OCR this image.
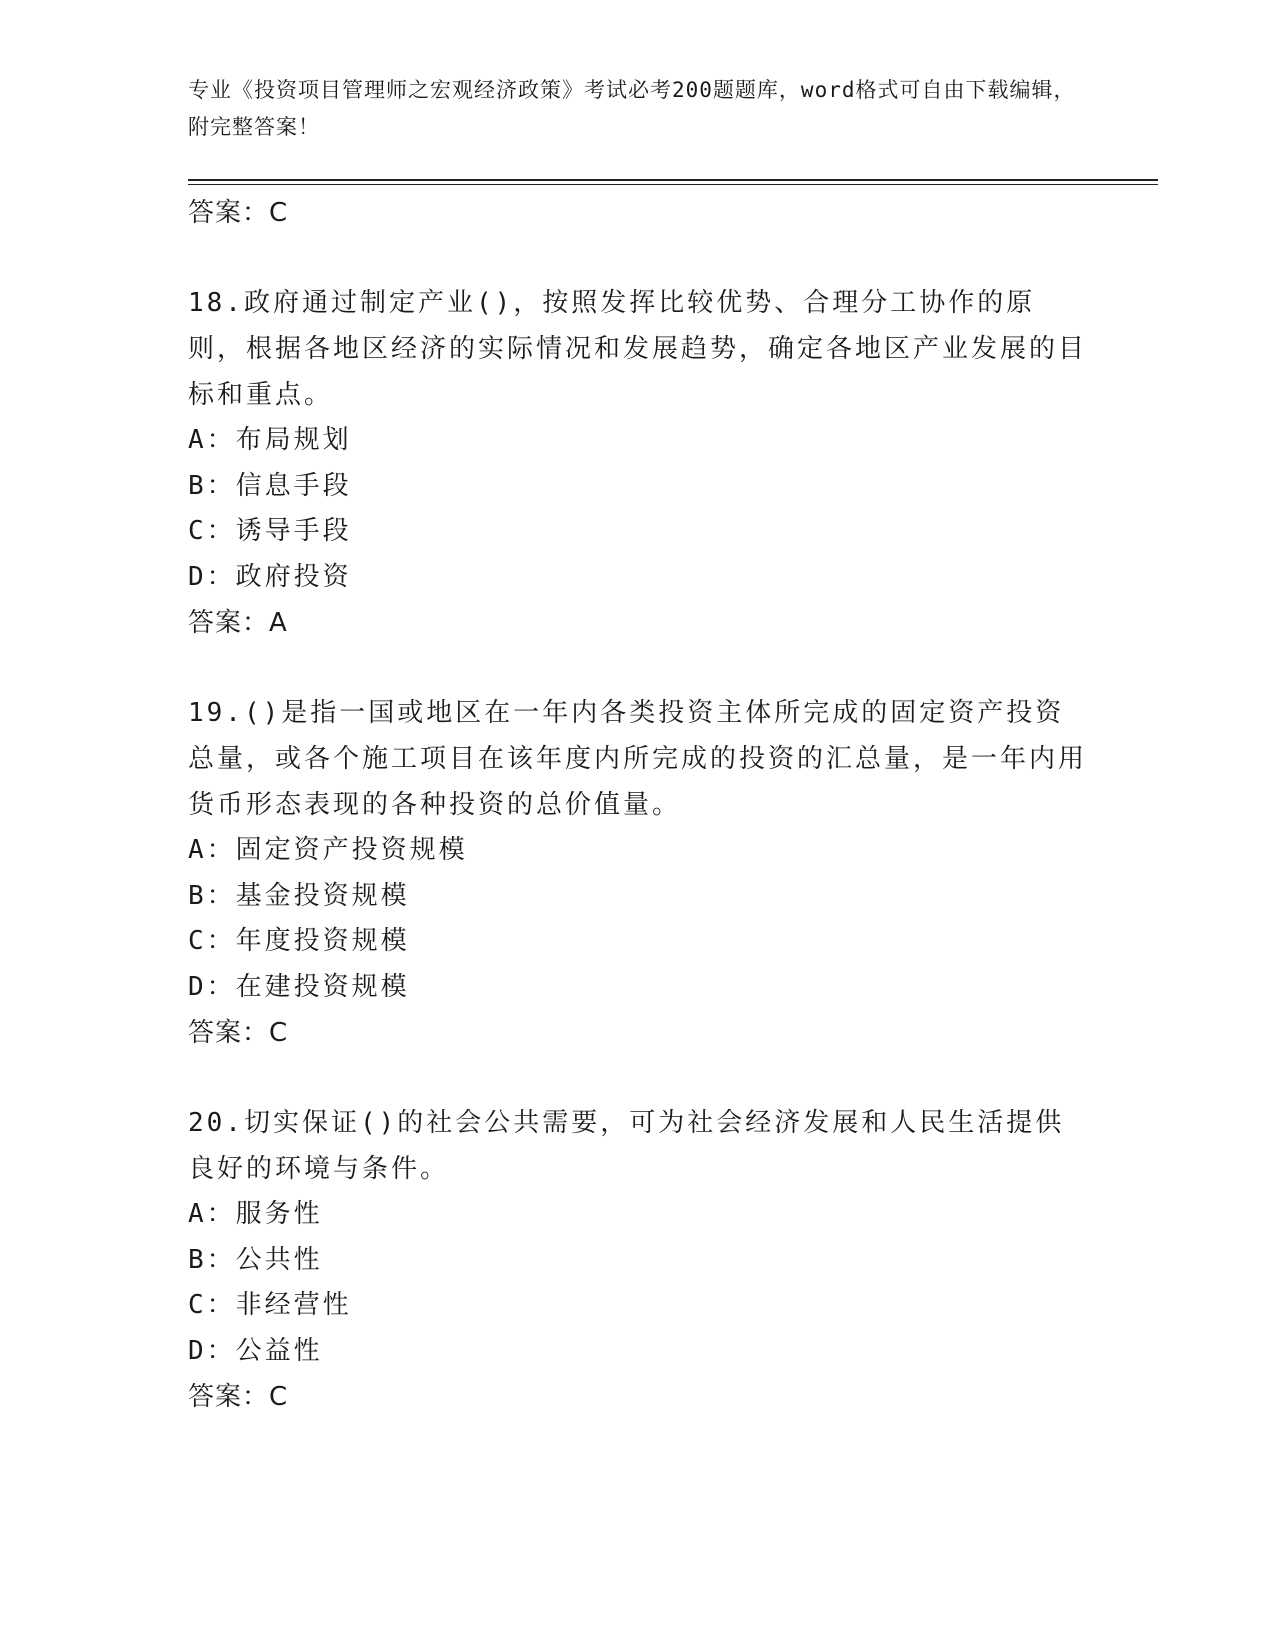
专业《投资项目管理师之宏观经济政策》考试必考200题题库，word格式可自由下载编辑，附完整答案！

答案：C

18.政府通过制定产业()，按照发挥比较优势、合理分工协作的原则，根据各地区经济的实际情况和发展趋势，确定各地区产业发展的目标和重点。

A：布局规划

B：信息手段

C：诱导手段

D：政府投资

答案：A

19.()是指一国或地区在一年内各类投资主体所完成的固定资产投资总量，或各个施工项目在该年度内所完成的投资的汇总量，是一年内用货币形态表现的各种投资的总价值量。

A：固定资产投资规模

B：基金投资规模

C：年度投资规模

D：在建投资规模

答案：C

20.切实保证()的社会公共需要，可为社会经济发展和人民生活提供良好的环境与条件。

A：服务性

B：公共性

C：非经营性

D：公益性

答案：C
